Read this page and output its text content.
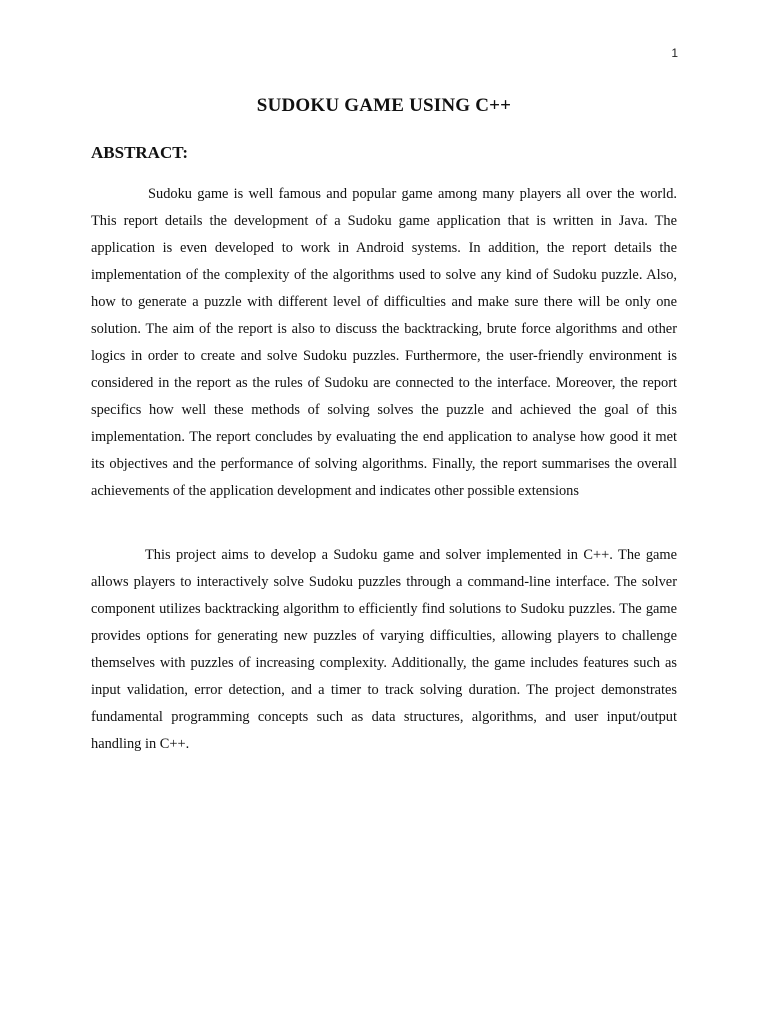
1
SUDOKU GAME USING C++
ABSTRACT:

Sudoku game is well famous and popular game among many players all over the world. This report details the development of a Sudoku game application that is written in Java. The application is even developed to work in Android systems. In addition, the report details the implementation of the complexity of the algorithms used to solve any kind of Sudoku puzzle. Also, how to generate a puzzle with different level of difficulties and make sure there will be only one solution. The aim of the report is also to discuss the backtracking, brute force algorithms and other logics in order to create and solve Sudoku puzzles. Furthermore, the user-friendly environment is considered in the report as the rules of Sudoku are connected to the interface. Moreover, the report specifics how well these methods of solving solves the puzzle and achieved the goal of this implementation. The report concludes by evaluating the end application to analyse how good it met its objectives and the performance of solving algorithms. Finally, the report summarises the overall achievements of the application development and indicates other possible extensions

This project aims to develop a Sudoku game and solver implemented in C++. The game allows players to interactively solve Sudoku puzzles through a command-line interface. The solver component utilizes backtracking algorithm to efficiently find solutions to Sudoku puzzles. The game provides options for generating new puzzles of varying difficulties, allowing players to challenge themselves with puzzles of increasing complexity. Additionally, the game includes features such as input validation, error detection, and a timer to track solving duration. The project demonstrates fundamental programming concepts such as data structures, algorithms, and user input/output handling in C++.
